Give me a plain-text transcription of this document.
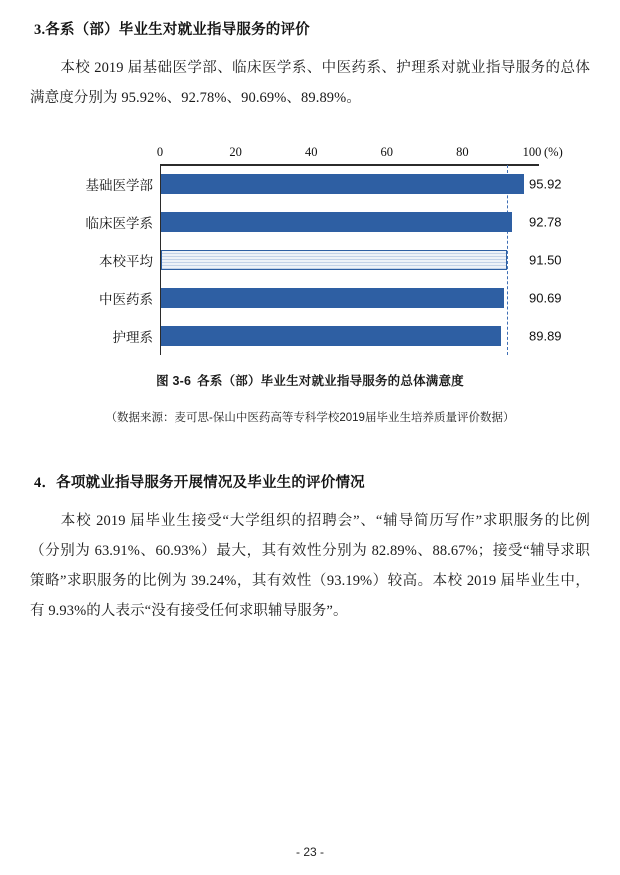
3.各系（部）毕业生对就业指导服务的评价

本校 2019 届基础医学部、临床医学系、中医药系、护理系对就业指导服务的总体满意度分别为 95.92%、92.78%、90.69%、89.89%。

0	20	40	60	80	100 (%)
基础医学部	95.92
临床医学系	92.78
本校平均	91.50
中医药系	90.69
护理系	89.89
图 3-6 各系（部）毕业生对就业指导服务的总体满意度
（数据来源：麦可思-保山中医药高等专科学校2019届毕业生培养质量评价数据）
4．各项就业指导服务开展情况及毕业生的评价情况

本校 2019 届毕业生接受“大学组织的招聘会”、“辅导简历写作”求职服务的比例（分别为 63.91%、60.93%）最大，其有效性分别为 82.89%、88.67%；接受“辅导求职策略”求职服务的比例为 39.24%，其有效性（93.19%）较高。本校 2019 届毕业生中，有 9.93%的人表示“没有接受任何求职辅导服务”。

- 23 -
